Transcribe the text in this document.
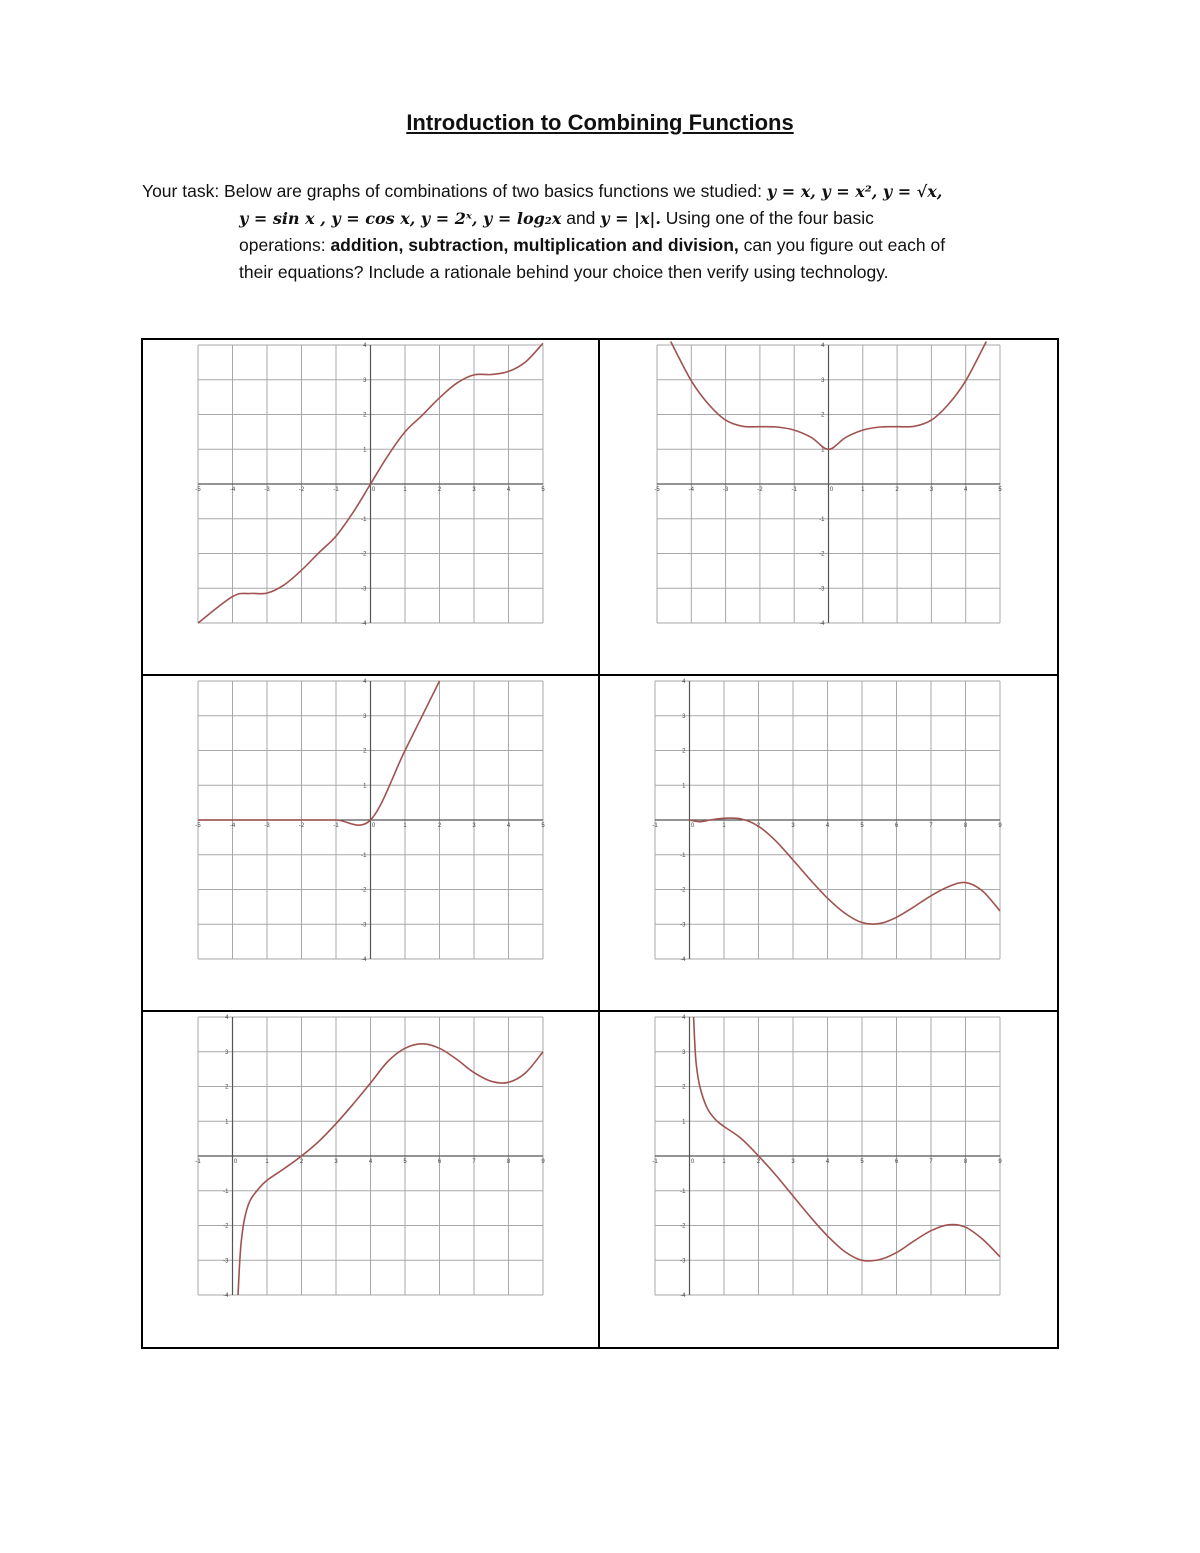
Introduction to Combining Functions
Your task: Below are graphs of combinations of two basics functions we studied: y = x, y = x², y = √x,
y = sin x , y = cos x, y = 2ˣ, y = log₂x and y = |x|. Using one of the four basic
operations: addition, subtraction, multiplication and division, can you figure out each of
their equations? Include a rationale behind your choice then verify using technology.
-5	-4	-3	-2	-1	0	1	2	3	4	5
-4
-3
-2
-1
1
2
3
4
-5	-4	-3	-2	-1	0	1	2	3	4	5
-4
-3
-2
-1
1
2
3
4
-5	-4	-3	-2	-1	0	1	2	3	4	5
-4
-3
-2
-1
1
2
3
4
-1	0	1	2	3	4	5	6	7	8	9
-4
-3
-2
-1
1
2
3
4
-1	0	1	2	3	4	5	6	7	8	9
-4
-3
-2
-1
1
2
3
4
-1	0	1	2	3	4	5	6	7	8	9
-4
-3
-2
-1
1
2
3
4
